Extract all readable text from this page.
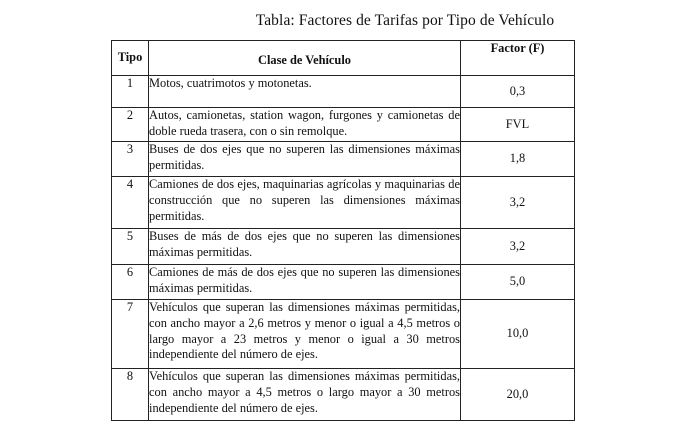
Tabla: Factores de Tarifas por Tipo de Vehículo
Tipo	Clase de Vehículo	Factor (F)

1	Motos, cuatrimotos y motonetas.	0,3
2	Autos, camionetas, station wagon, furgones y camionetas de doble rueda trasera, con o sin remolque.	FVL
3	Buses de dos ejes que no superen las dimensiones máximas permitidas.	1,8
4	Camiones de dos ejes, maquinarias agrícolas y maquinarias de construcción que no superen las dimensiones máximas permitidas.	3,2
5	Buses de más de dos ejes que no superen las dimensiones máximas permitidas.	3,2
6	Camiones de más de dos ejes que no superen las dimensiones máximas permitidas.	5,0
7	Vehículos que superan las dimensiones máximas permitidas, con ancho mayor a 2,6 metros y menor o igual a 4,5 metros o largo mayor a 23 metros y menor o igual a 30 metros independiente del número de ejes.	10,0
8	Vehículos que superan las dimensiones máximas permitidas, con ancho mayor a 4,5 metros o largo mayor a 30 metros independiente del número de ejes.	20,0
